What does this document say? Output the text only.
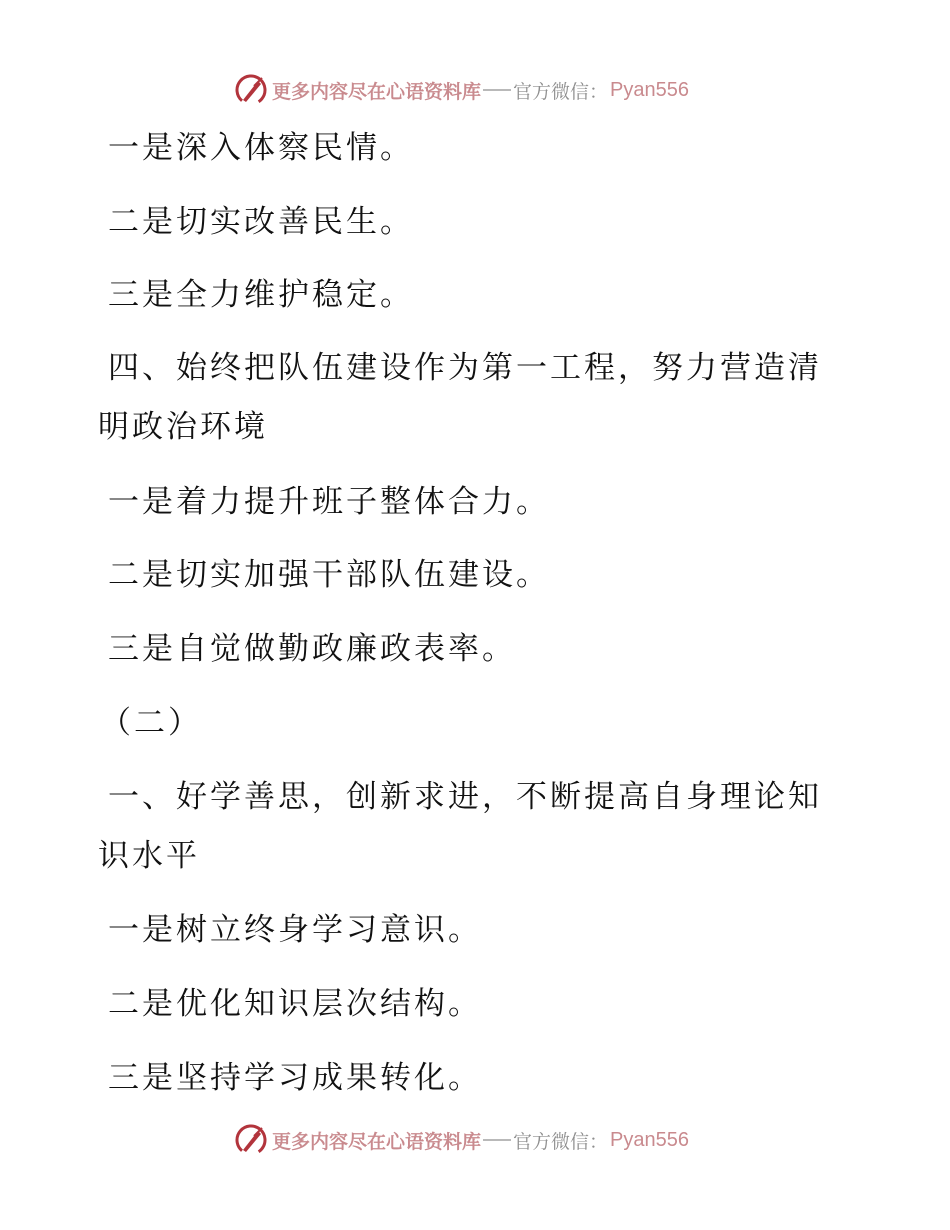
更多内容尽在心语资料库 官方微信： Pyan556
一是深入体察民情。
二是切实改善民生。
三是全力维护稳定。
四、始终把队伍建设作为第一工程，努力营造清
明政治环境
一是着力提升班子整体合力。
二是切实加强干部队伍建设。
三是自觉做勤政廉政表率。
（二）
一、好学善思，创新求进，不断提高自身理论知
识水平
一是树立终身学习意识。
二是优化知识层次结构。
三是坚持学习成果转化。
更多内容尽在心语资料库 官方微信： Pyan556
